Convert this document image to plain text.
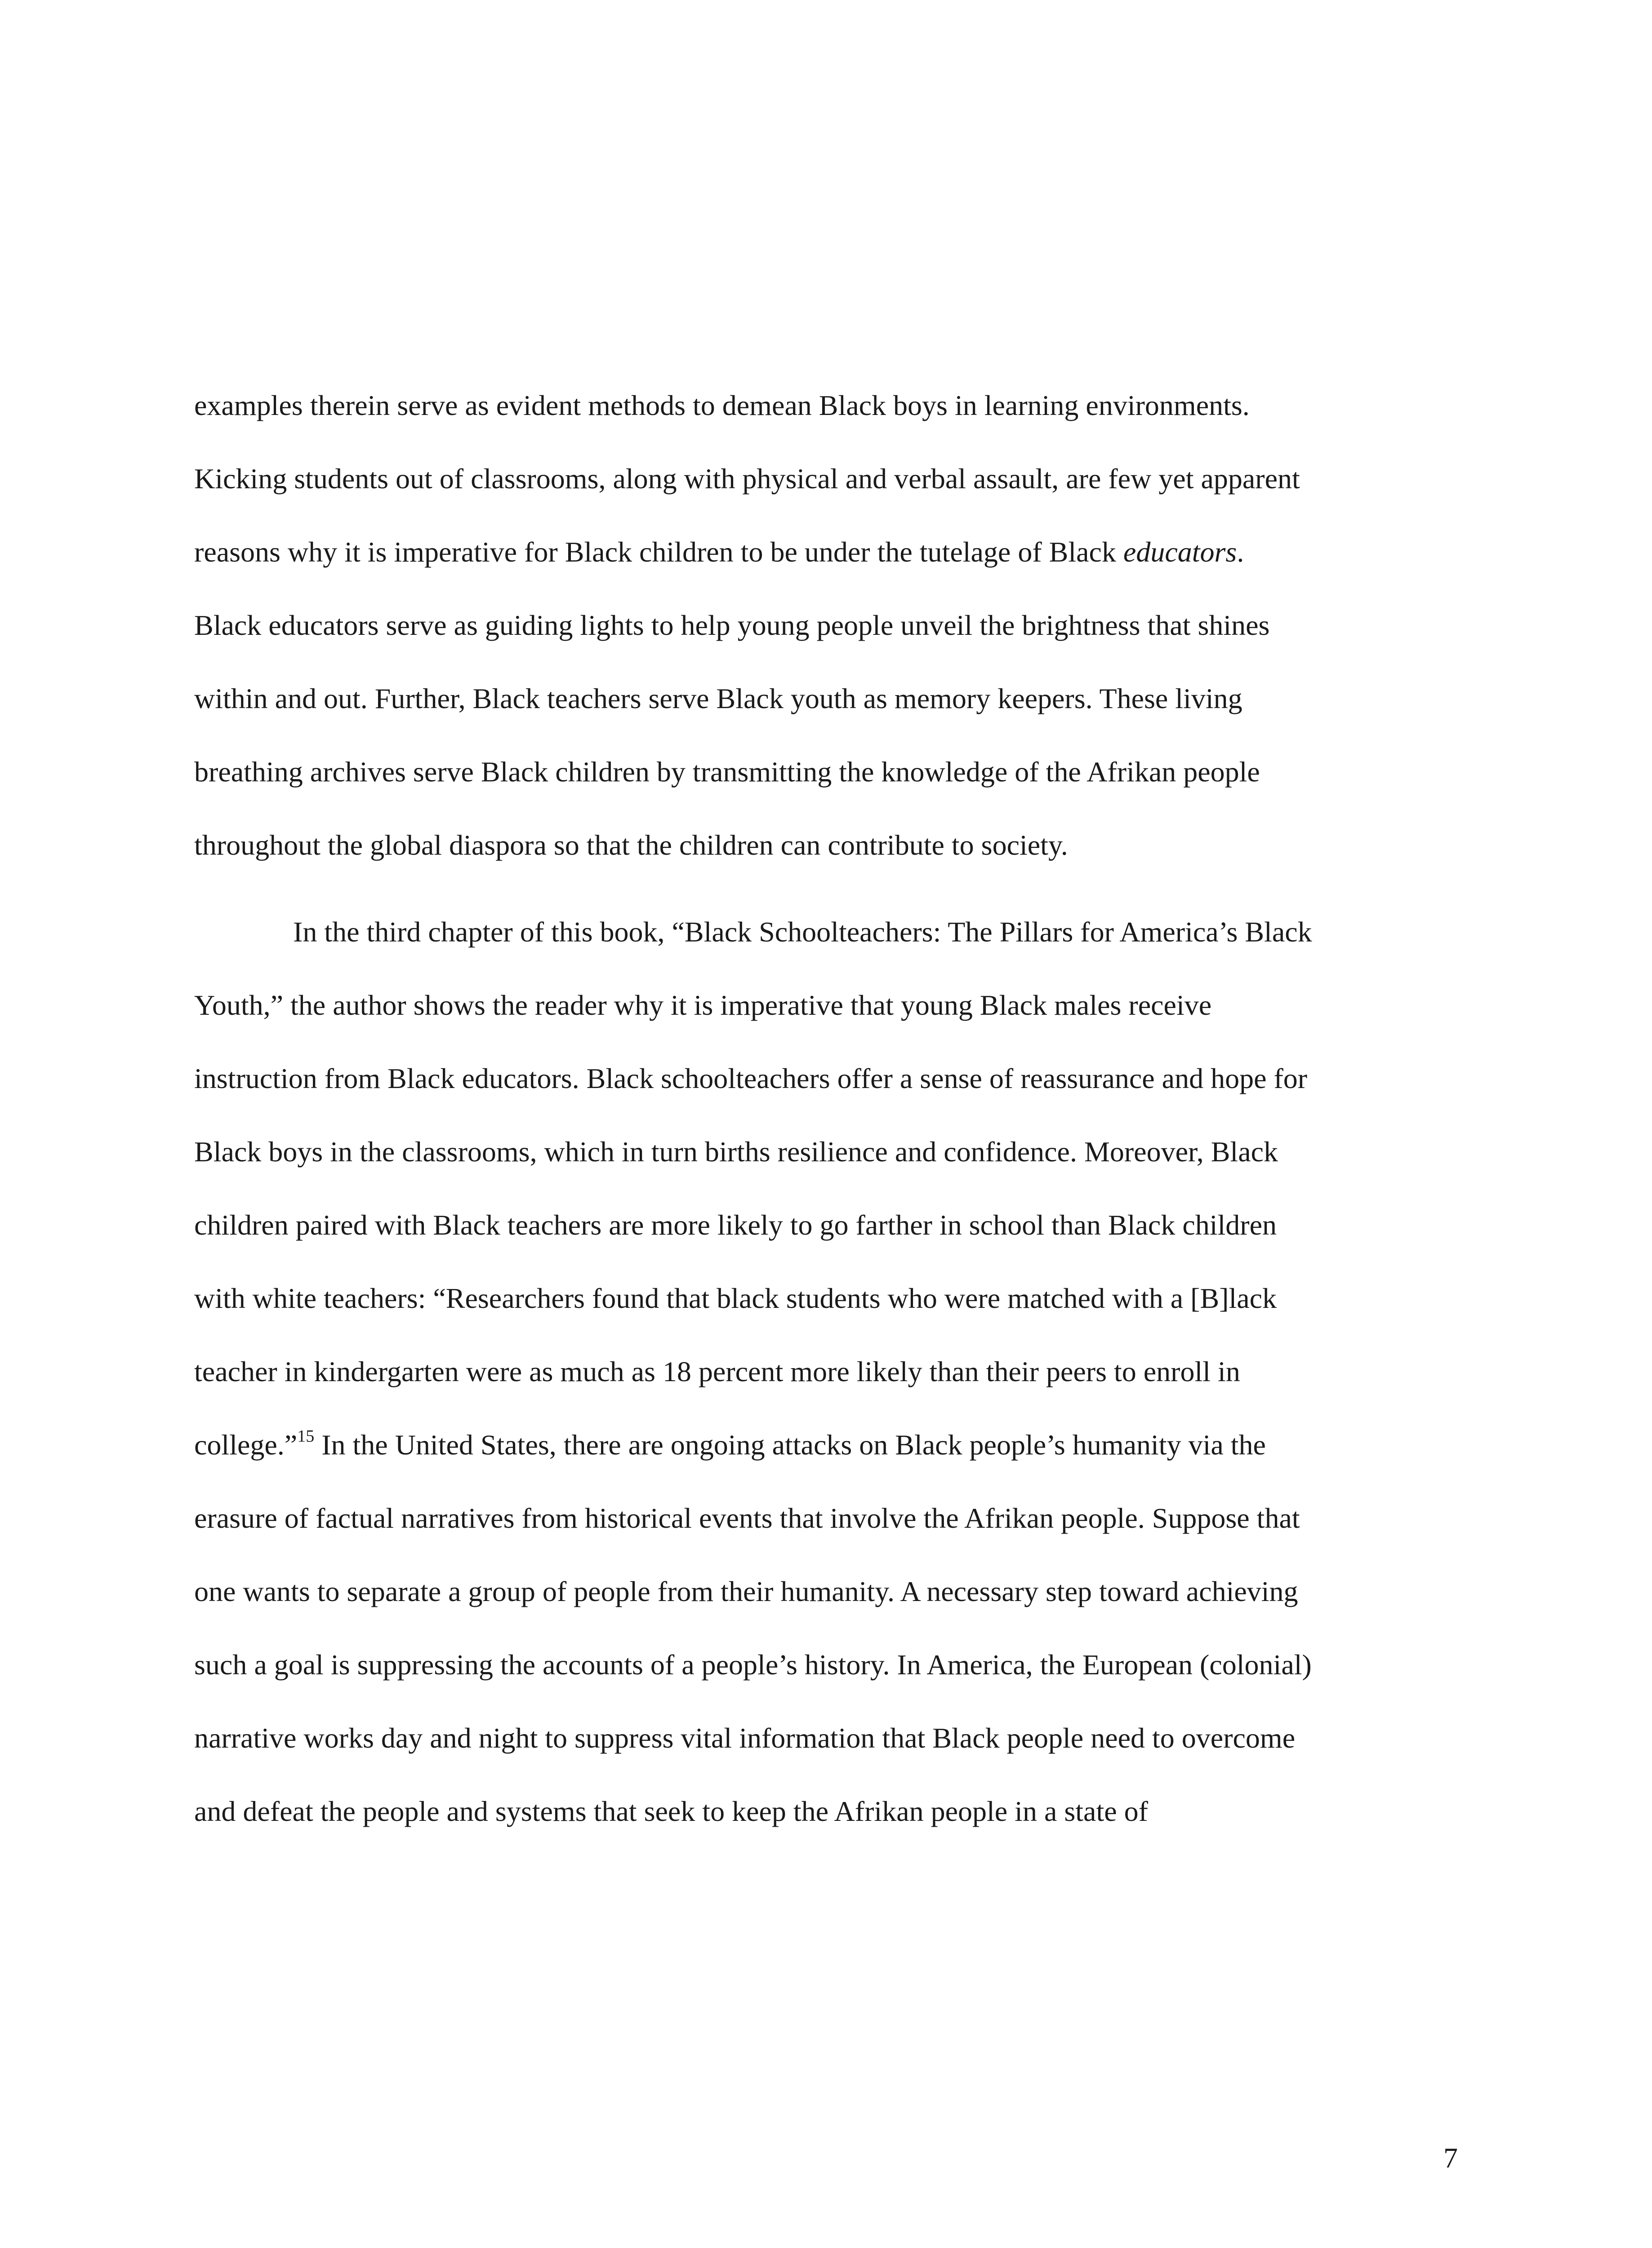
examples therein serve as evident methods to demean Black boys in learning environments.
Kicking students out of classrooms, along with physical and verbal assault, are few yet apparent
reasons why it is imperative for Black children to be under the tutelage of Black educators.
Black educators serve as guiding lights to help young people unveil the brightness that shines
within and out. Further, Black teachers serve Black youth as memory keepers. These living
breathing archives serve Black children by transmitting the knowledge of the Afrikan people
throughout the global diaspora so that the children can contribute to society.
In the third chapter of this book, “Black Schoolteachers: The Pillars for America’s Black
Youth,” the author shows the reader why it is imperative that young Black males receive
instruction from Black educators. Black schoolteachers offer a sense of reassurance and hope for
Black boys in the classrooms, which in turn births resilience and confidence. Moreover, Black
children paired with Black teachers are more likely to go farther in school than Black children
with white teachers: “Researchers found that black students who were matched with a [B]lack
teacher in kindergarten were as much as 18 percent more likely than their peers to enroll in
college.”$^{15}$ In the United States, there are ongoing attacks on Black people’s humanity via the
erasure of factual narratives from historical events that involve the Afrikan people. Suppose that
one wants to separate a group of people from their humanity. A necessary step toward achieving
such a goal is suppressing the accounts of a people’s history. In America, the European (colonial)
narrative works day and night to suppress vital information that Black people need to overcome
and defeat the people and systems that seek to keep the Afrikan people in a state of
7
